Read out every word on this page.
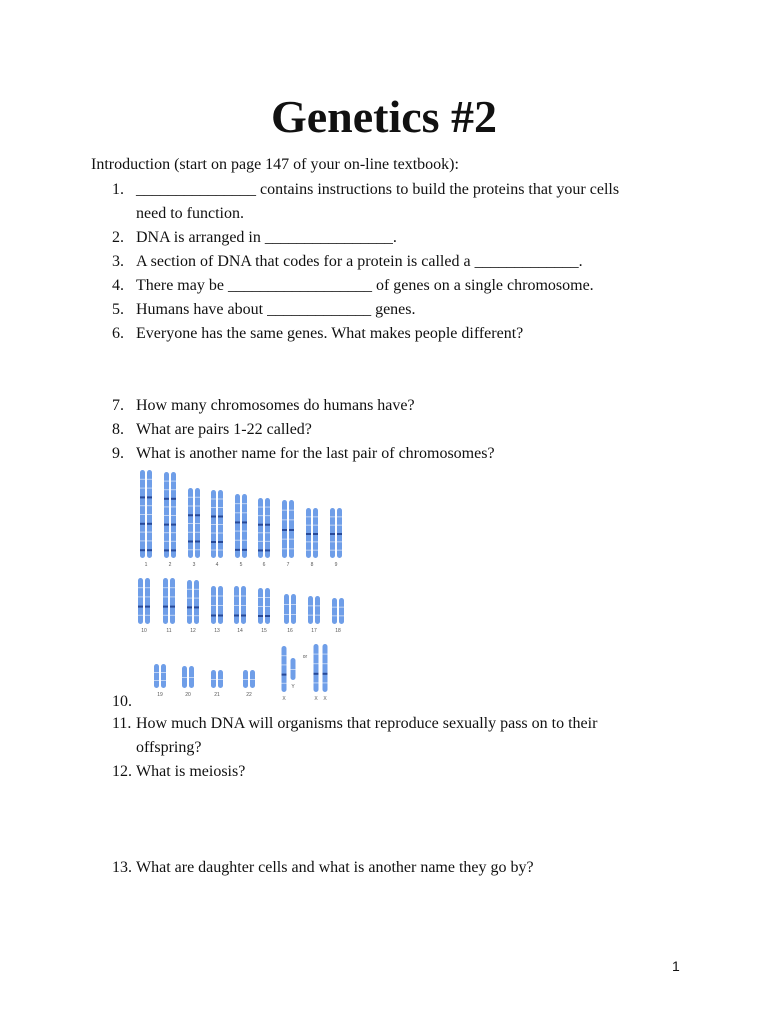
Genetics #2
Introduction (start on page 147 of your on-line textbook):
1. _______________ contains instructions to build the proteins that your cells
need to function.
2. DNA is arranged in ________________.
3. A section of DNA that codes for a protein is called a _____________.
4. There may be __________________ of genes on a single chromosome.
5. Humans have about _____________ genes.
6. Everyone has the same genes. What makes people different?
7. How many chromosomes do humans have?
8. What are pairs 1-22 called?
9. What is another name for the last pair of chromosomes?
1	2	3	4	5	6	7	8	9
10	11	12	13	14	15	16	17	18
19	20	21	22
X
Y
or
X X
10.
11. How much DNA will organisms that reproduce sexually pass on to their
offspring?
12. What is meiosis?
13. What are daughter cells and what is another name they go by?
1
